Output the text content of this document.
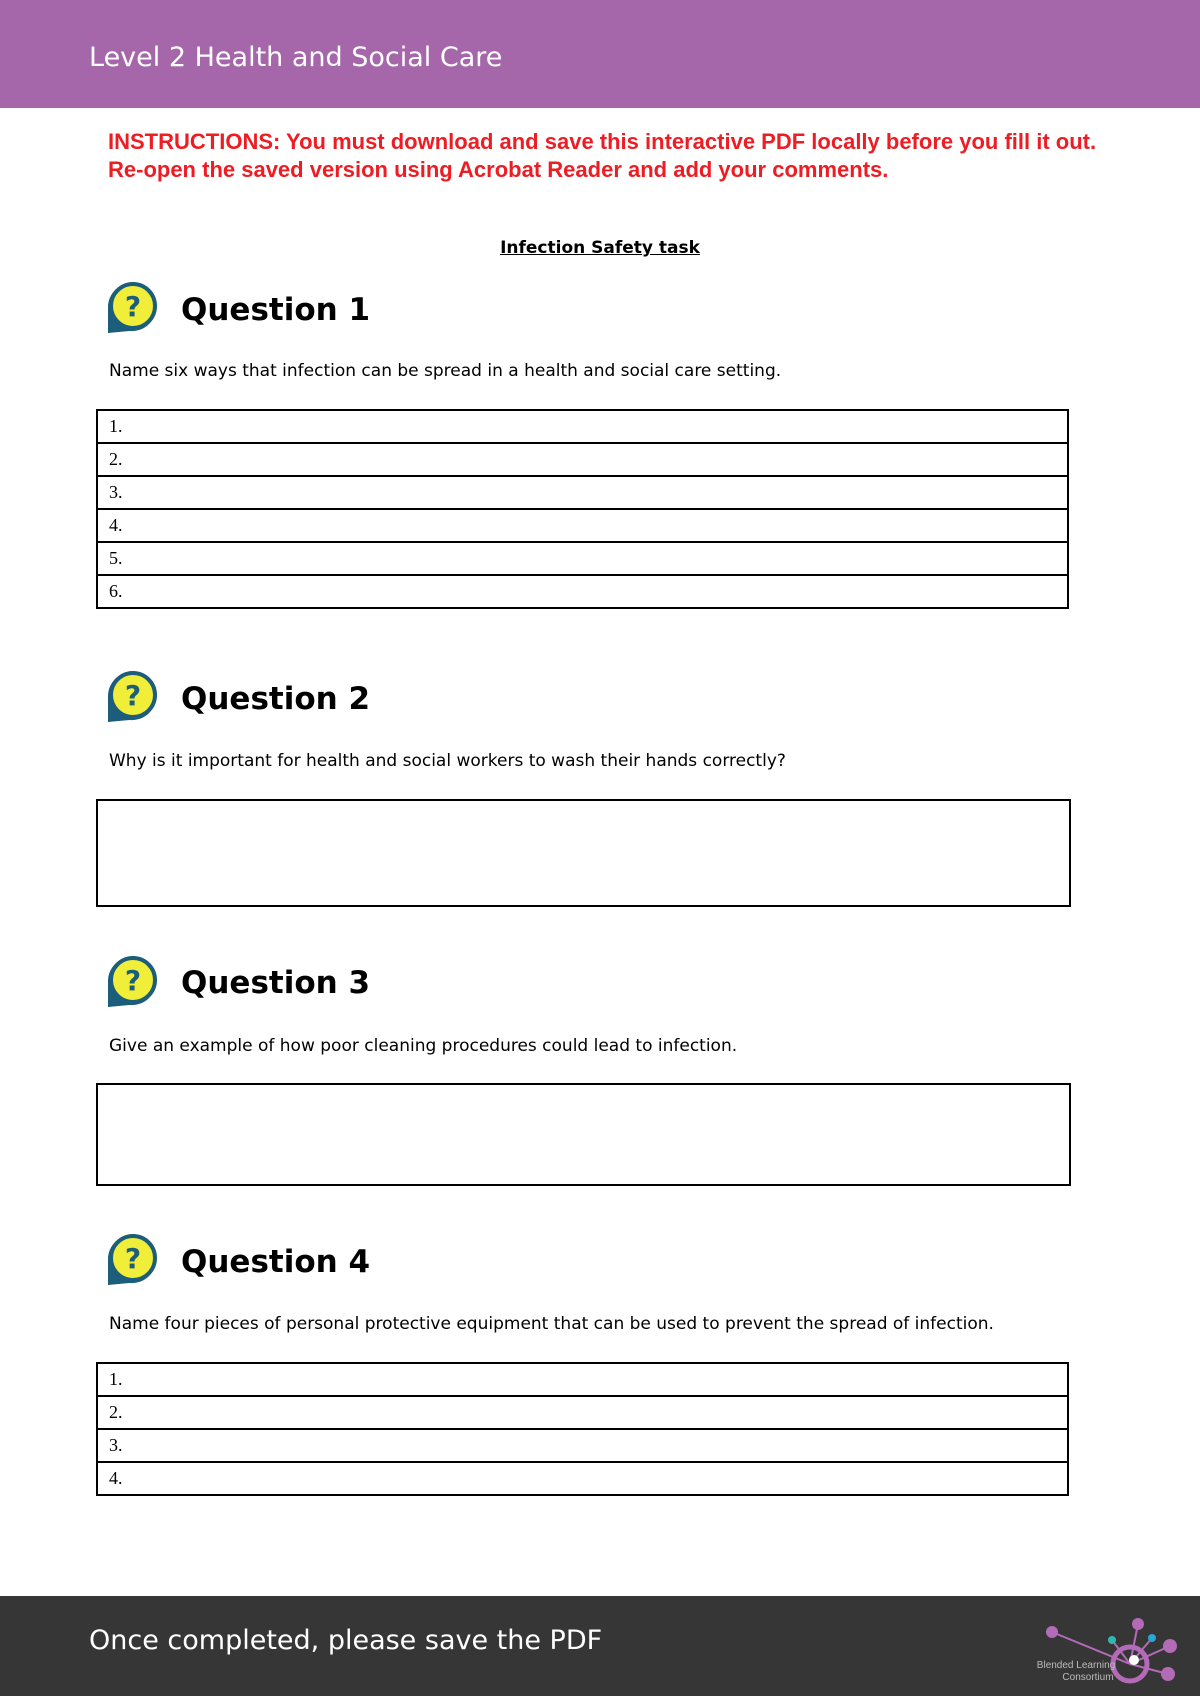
Level 2 Health and Social Care
INSTRUCTIONS: You must download and save this interactive PDF locally before you fill it out. Re-open the saved version using Acrobat Reader and add your comments.
Infection Safety task
? Question 1
Name six ways that infection can be spread in a health and social care setting.
1.
2.
3.
4.
5.
6.
? Question 2
Why is it important for health and social workers to wash their hands correctly?
? Question 3
Give an example of how poor cleaning procedures could lead to infection.
? Question 4
Name four pieces of personal protective equipment that can be used to prevent the spread of infection.
1.
2.
3.
4.
Once completed, please save the PDF
Blended Learning
Consortium
